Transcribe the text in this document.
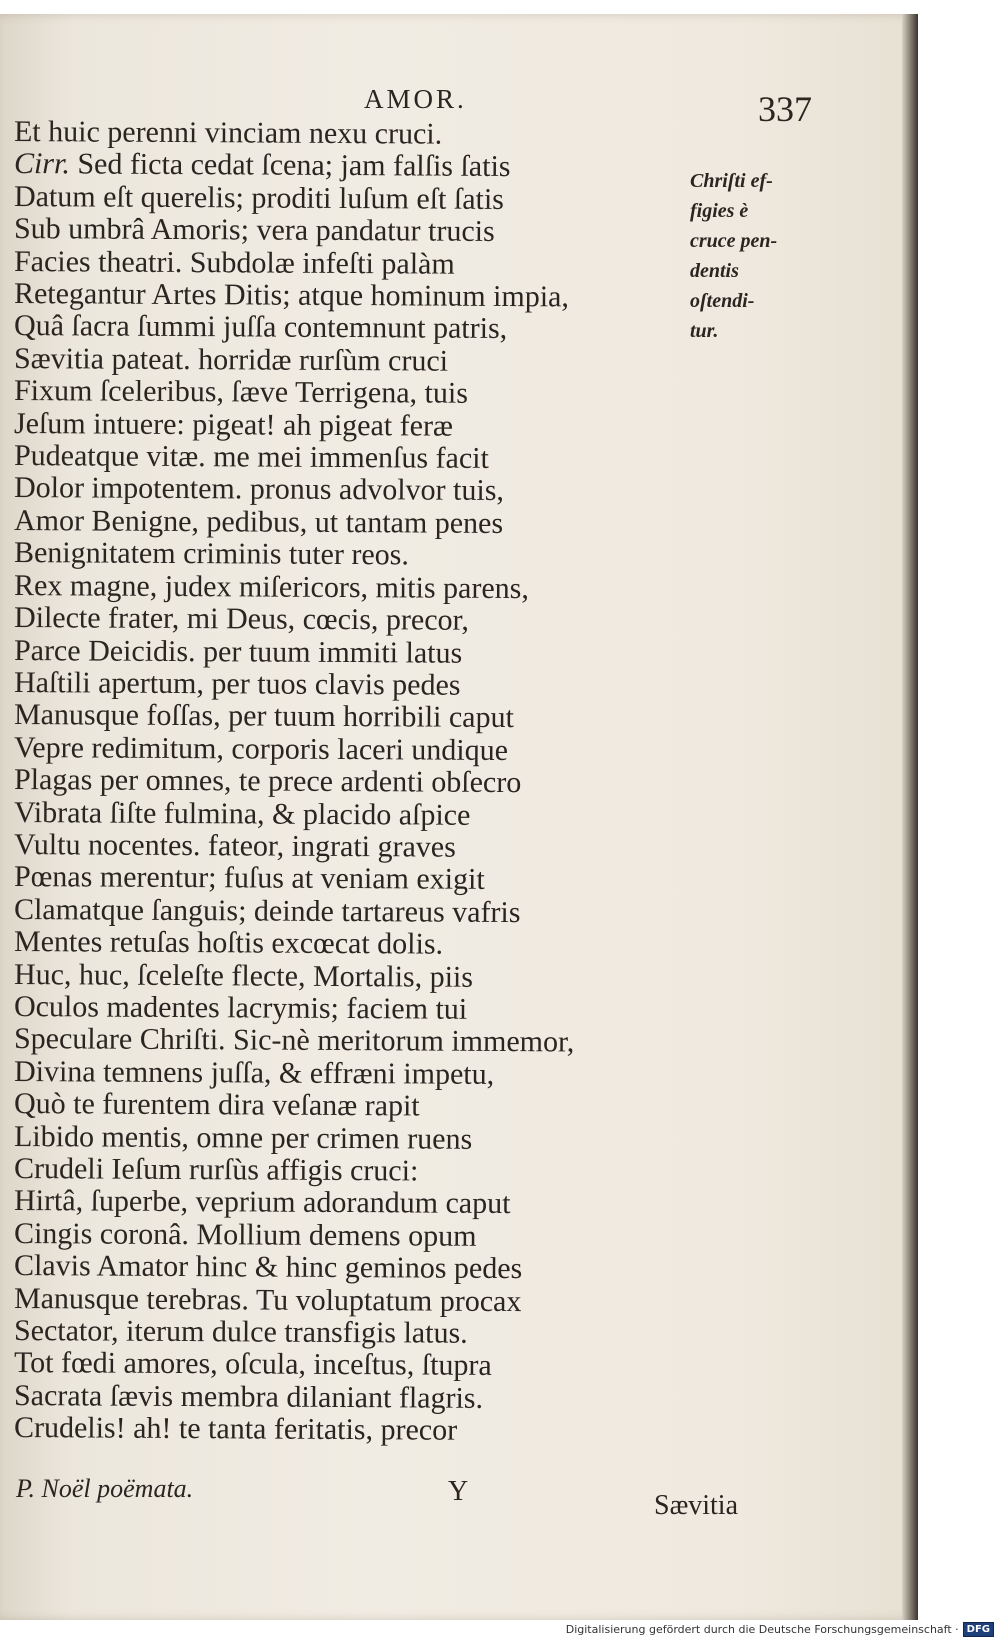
AMOR.	337
Et huic perenni vinciam nexu cruci.
Cirr. Sed ficta cedat ſcena; jam falſis ſatis
Datum eſt querelis; proditi luſum eſt ſatis
Sub umbrâ Amoris; vera pandatur trucis
Facies theatri. Subdolæ infeſti palàm
Retegantur Artes Ditis; atque hominum impia,
Quâ ſacra ſummi juſſa contemnunt patris,
Sævitia pateat. horridæ rurſùm cruci
Fixum ſceleribus, ſæve Terrigena, tuis
Jeſum intuere: pigeat! ah pigeat feræ
Pudeatque vitæ. me mei immenſus facit
Dolor impotentem. pronus advolvor tuis,
Amor Benigne, pedibus, ut tantam penes
Benignitatem criminis tuter reos.
Rex magne, judex miſericors, mitis parens,
Dilecte frater, mi Deus, cœcis, precor,
Parce Deicidis. per tuum immiti latus
Haſtili apertum, per tuos clavis pedes
Manusque foſſas, per tuum horribili caput
Vepre redimitum, corporis laceri undique
Plagas per omnes, te prece ardenti obſecro
Vibrata ſiſte fulmina, & placido aſpice
Vultu nocentes. fateor, ingrati graves
Pœnas merentur; fuſus at veniam exigit
Clamatque ſanguis; deinde tartareus vafris
Mentes retuſas hoſtis excœcat dolis.
Huc, huc, ſceleſte flecte, Mortalis, piis
Oculos madentes lacrymis; faciem tui
Speculare Chriſti. Sic-nè meritorum immemor,
Divina temnens juſſa, & effræni impetu,
Quò te furentem dira veſanæ rapit
Libido mentis, omne per crimen ruens
Crudeli Ieſum rurſùs affigis cruci:
Hirtâ, ſuperbe, veprium adorandum caput
Cingis coronâ. Mollium demens opum
Clavis Amator hinc & hinc geminos pedes
Manusque terebras. Tu voluptatum procax
Sectator, iterum dulce transfigis latus.
Tot fœdi amores, oſcula, inceſtus, ſtupra
Sacrata ſævis membra dilaniant flagris.
Crudelis! ah! te tanta feritatis, precor
Chriſti ef-
figies è
cruce pen-
dentis
oſtendi-
tur.
P. Noël poëmata.	Y	Sævitia
Digitalisierung gefördert durch die Deutsche Forschungsgemeinschaft · DFG
